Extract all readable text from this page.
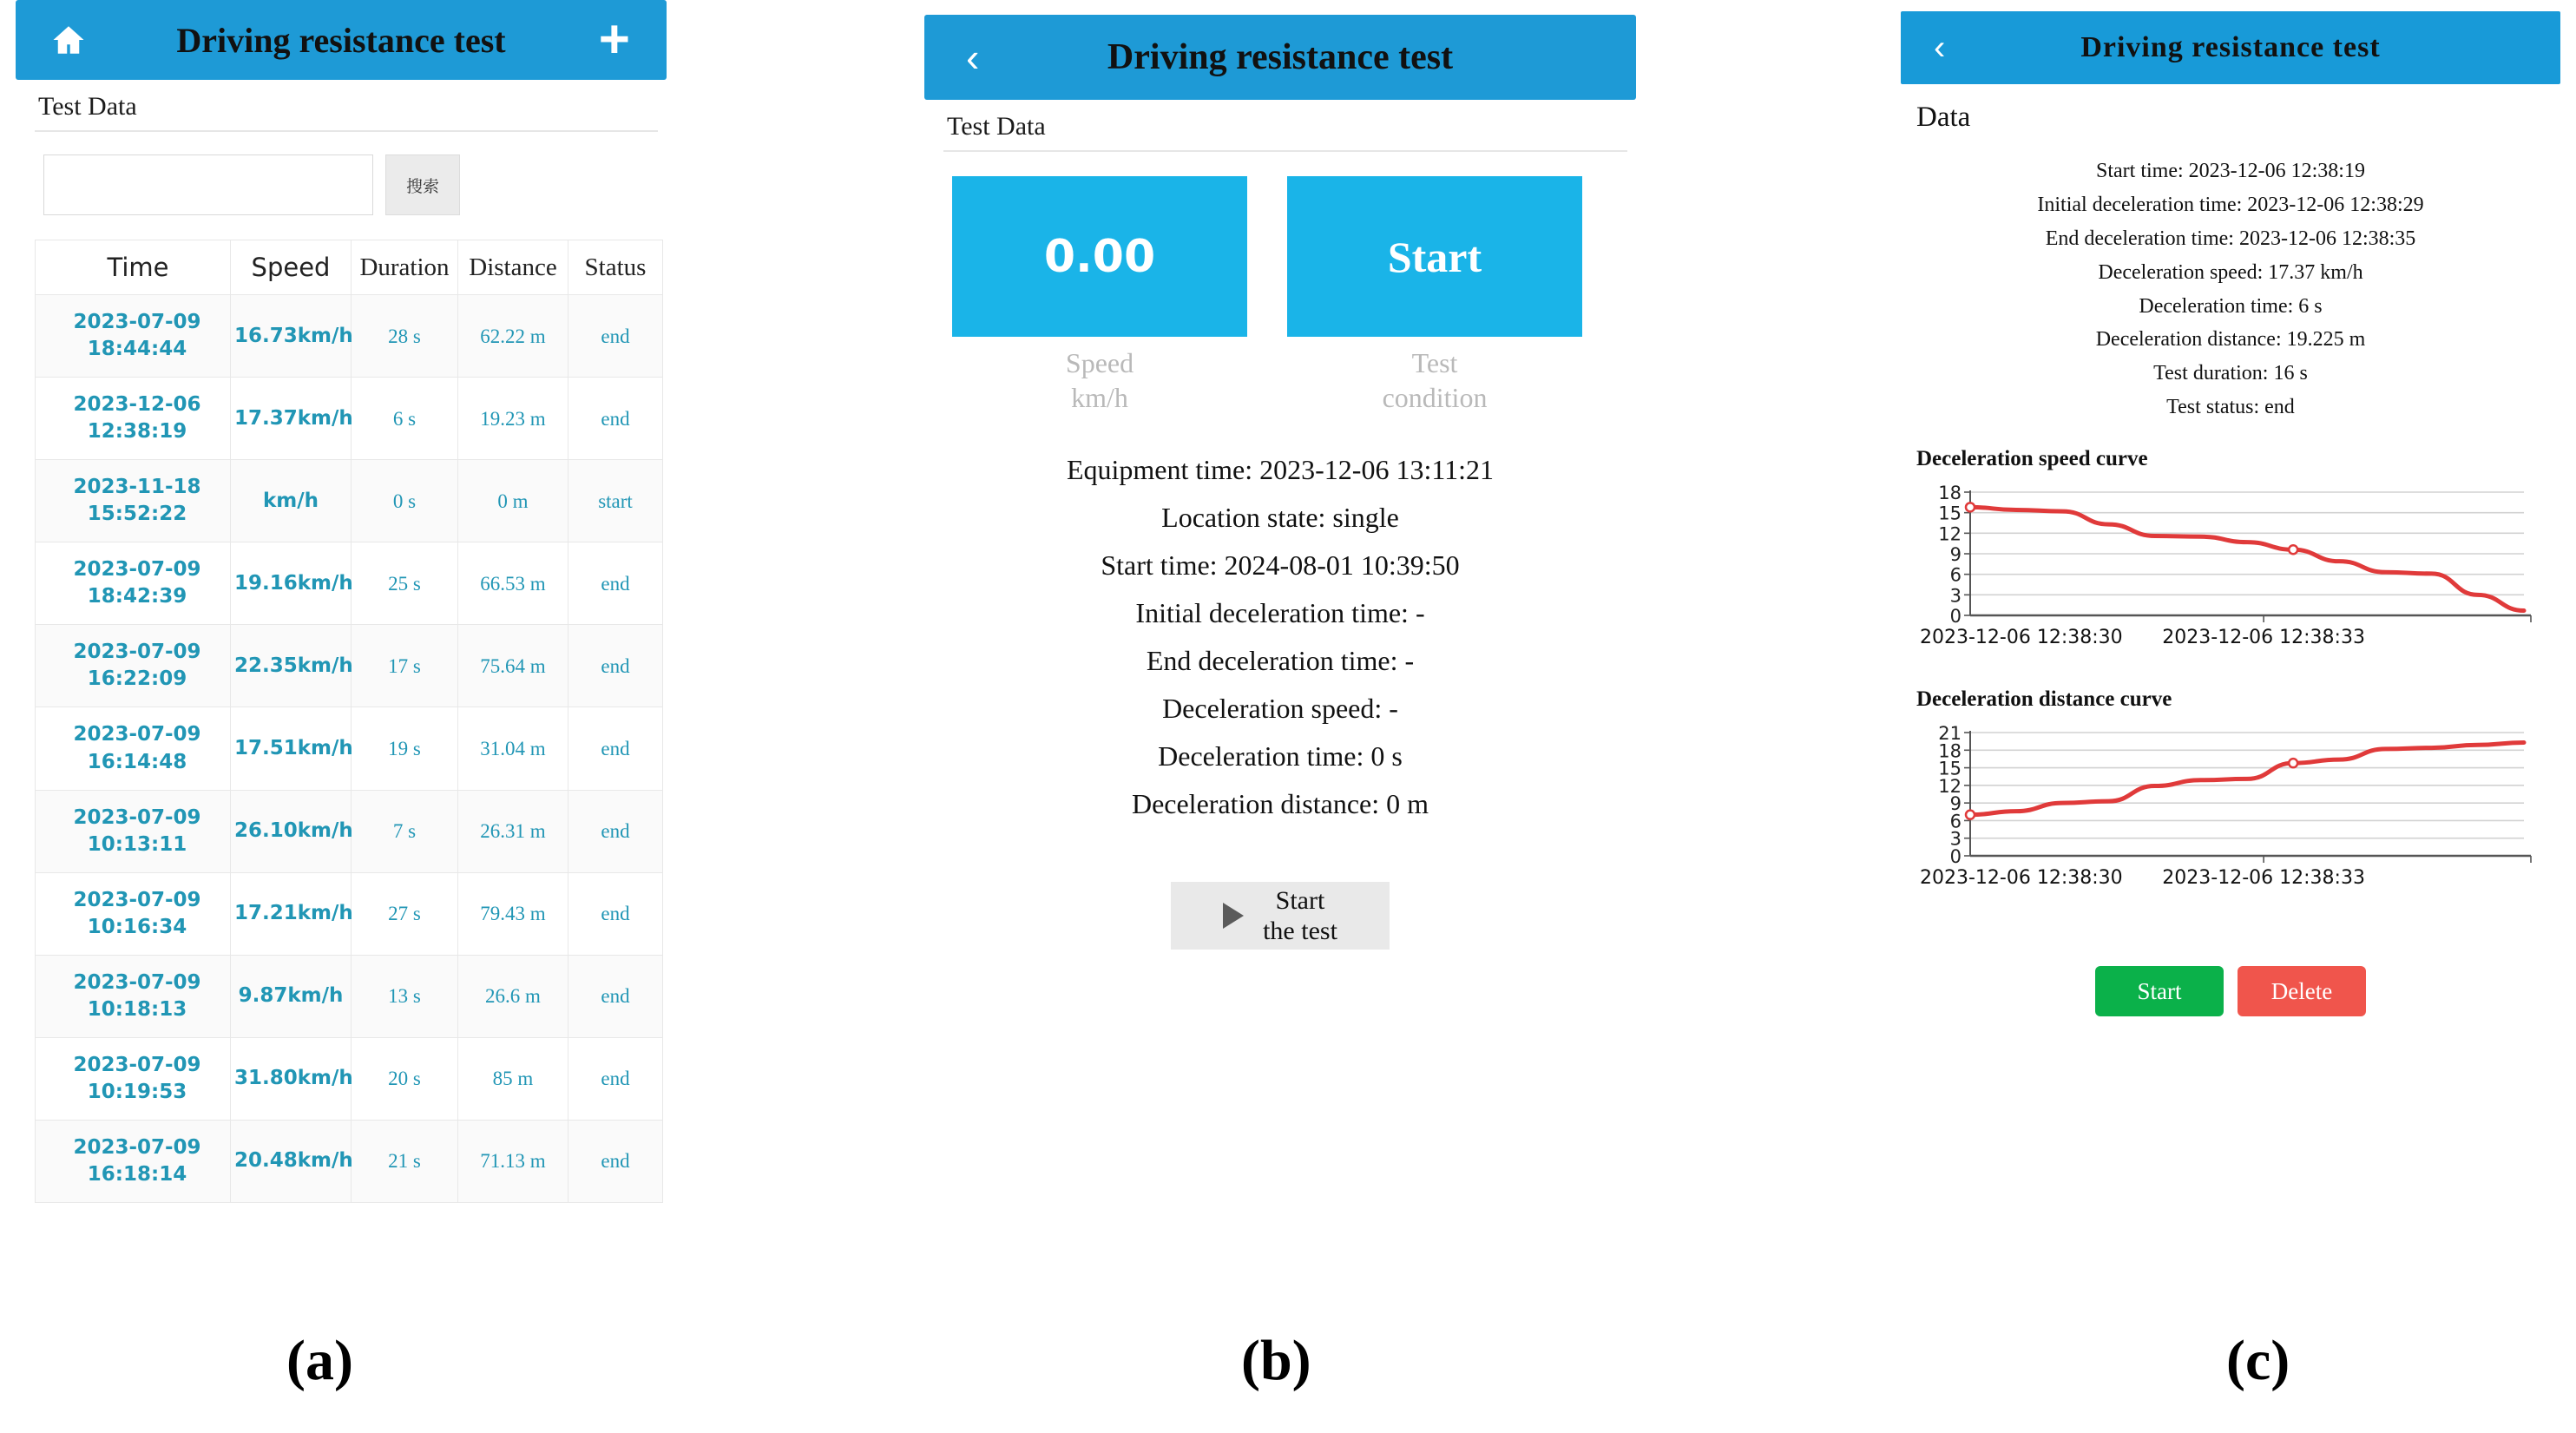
Driving resistance test	+
Test Data
搜索
Time	Speed	Duration	Distance	Status
2023-07-09 18:44:44	16.73km/h	28 s	62.22 m	end
2023-12-06 12:38:19	17.37km/h	6 s	19.23 m	end
2023-11-18 15:52:22	km/h	0 s	0 m	start
2023-07-09 18:42:39	19.16km/h	25 s	66.53 m	end
2023-07-09 16:22:09	22.35km/h	17 s	75.64 m	end
2023-07-09 16:14:48	17.51km/h	19 s	31.04 m	end
2023-07-09 10:13:11	26.10km/h	7 s	26.31 m	end
2023-07-09 10:16:34	17.21km/h	27 s	79.43 m	end
2023-07-09 10:18:13	9.87km/h	13 s	26.6 m	end
2023-07-09 10:19:53	31.80km/h	20 s	85 m	end
2023-07-09 16:18:14	20.48km/h	21 s	71.13 m	end
‹	Driving resistance test
Test Data
0.00
Speed
km/h
Start
Test
condition
Equipment time: 2023-12-06 13:11:21
Location state: single
Start time: 2024-08-01 10:39:50
Initial deceleration time: -
End deceleration time: -
Deceleration speed: -
Deceleration time: 0 s
Deceleration distance: 0 m
Start
the test
‹	Driving resistance test
Data
Start time: 2023-12-06 12:38:19
Initial deceleration time: 2023-12-06 12:38:29
End deceleration time: 2023-12-06 12:38:35
Deceleration speed: 17.37 km/h
Deceleration time: 6 s
Deceleration distance: 19.225 m
Test duration: 16 s
Test status: end
Deceleration speed curve
0
3
6
9
12
15
18
2023-12-06 12:38:30 2023-12-06 12:38:33
Deceleration distance curve
0
3
6
9
12
15
18
21
2023-12-06 12:38:30 2023-12-06 12:38:33
Start	Delete
(a)	(b)	(c)
